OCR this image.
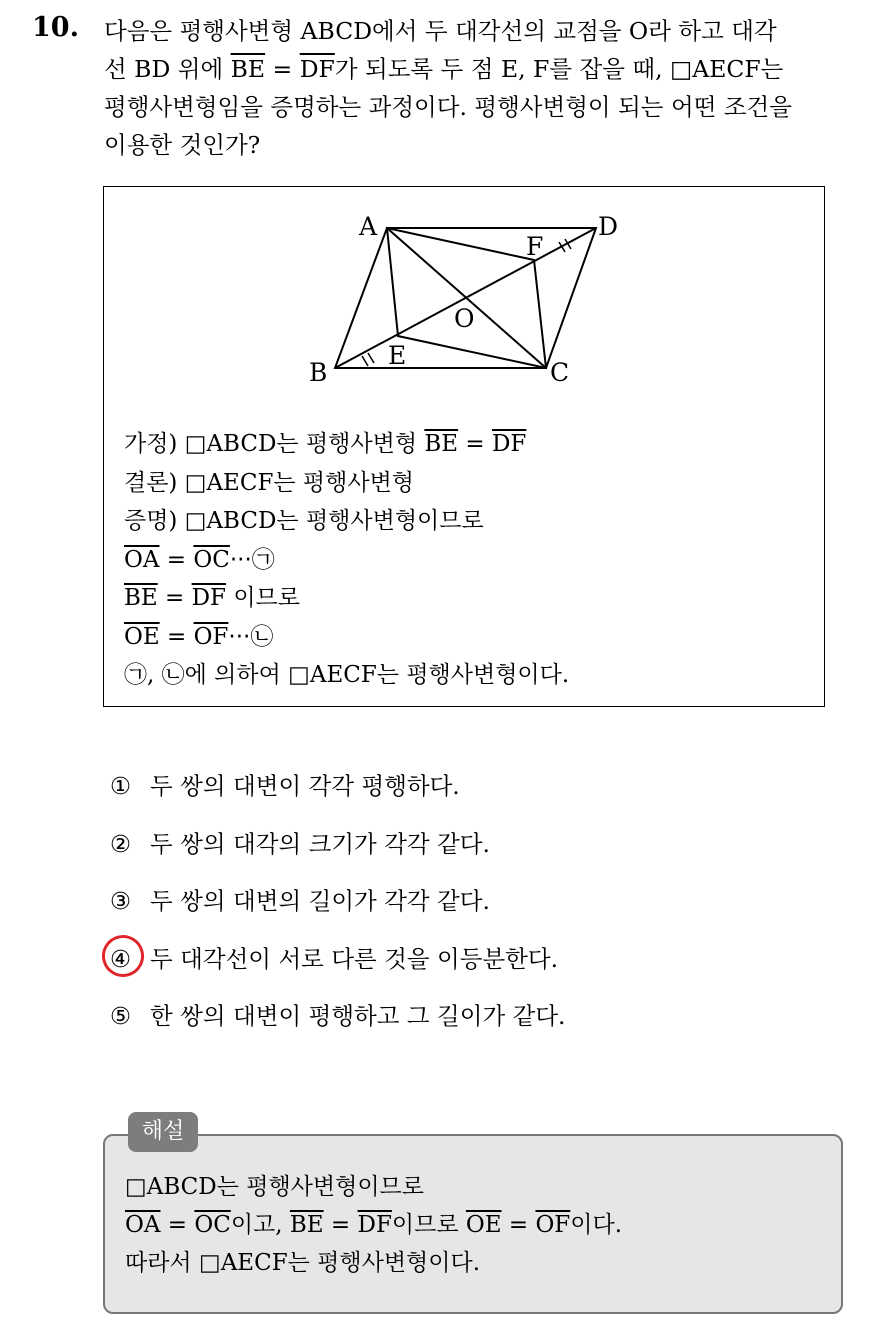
10. 다음은 평행사변형 ABCD에서 두 대각선의 교점을 O라 하고 대각
선 BD 위에 $\overline{BE} = \overline{DF}$가 되도록 두 점 E, F를 잡을 때, □AECF는
평행사변형임을 증명하는 과정이다. 평행사변형이 되는 어떤 조건을
이용한 것인가?
A	D
B	C
E
F
O
가정) □ABCD는 평행사변형 $\overline{BE} = \overline{DF}$
결론) □AECF는 평행사변형
증명) □ABCD는 평행사변형이므로
$\overline{OA}$ = $\overline{OC}\cdot\cdot\cdot㉠$
$\overline{BE} = \overline{DF}$ 이므로
$\overline{OE}$ = $\overline{OF}\cdot\cdot\cdot㉡$
㉠, ㉡에 의하여 □AECF는 평행사변형이다.
① 두 쌍의 대변이 각각 평행하다.
② 두 쌍의 대각의 크기가 각각 같다.
③ 두 쌍의 대변의 길이가 각각 같다.
④ 두 대각선이 서로 다른 것을 이등분한다.
⑤ 한 쌍의 대변이 평행하고 그 길이가 같다.
□ABCD는 평행사변형이므로
$\overline{OA} = \overline{OC}$이고, $\overline{BE} = \overline{DF}$이므로 $\overline{OE} = \overline{OF}$이다.
따라서 □AECF는 평행사변형이다.
해설
